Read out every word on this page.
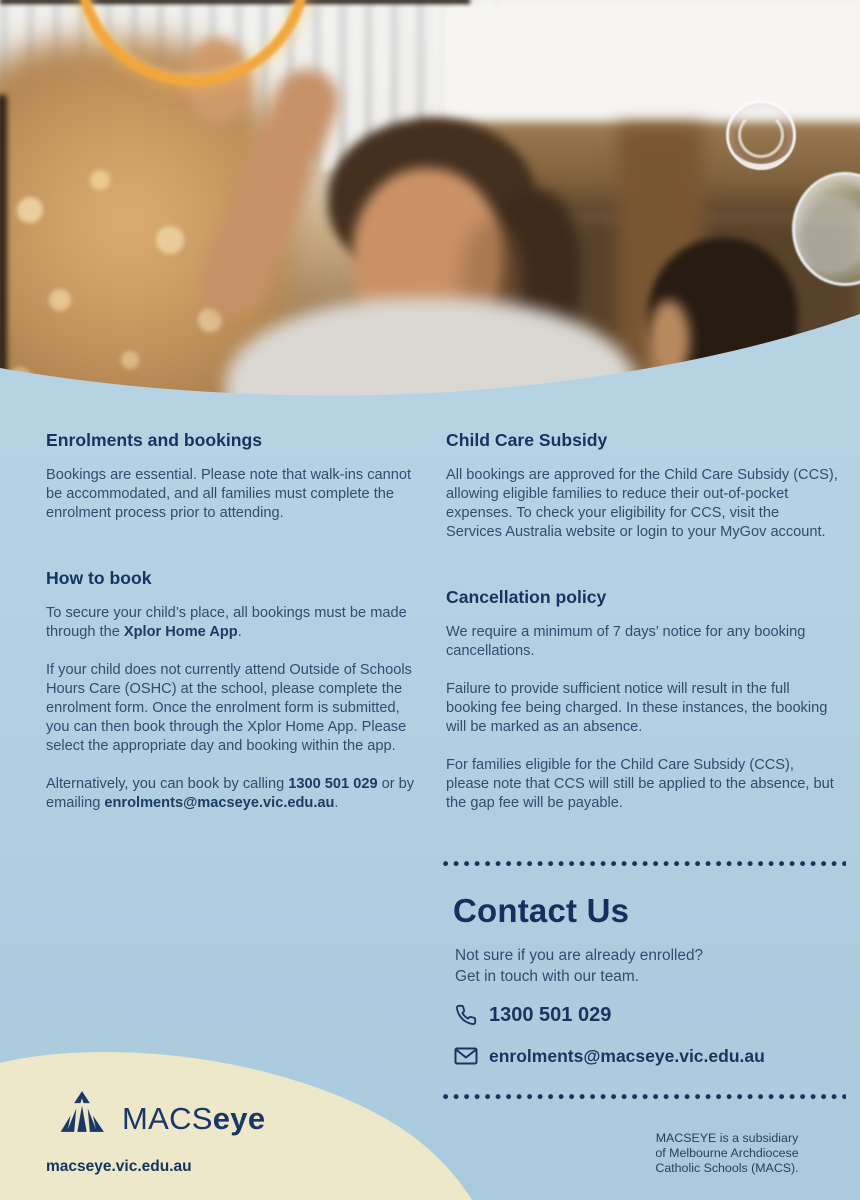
Enrolments and bookings

Bookings are essential. Please note that walk-ins cannot be accommodated, and all families must complete the enrolment process prior to attending.

How to book

To secure your child’s place, all bookings must be made through the Xplor Home App.

If your child does not currently attend Outside of Schools Hours Care (OSHC) at the school, please complete the enrolment form. Once the enrolment form is submitted, you can then book through the Xplor Home App. Please select the appropriate day and booking within the app.

Alternatively, you can book by calling 1300 501 029 or by emailing enrolments@macseye.vic.edu.au.

Child Care Subsidy

All bookings are approved for the Child Care Subsidy (CCS), allowing eligible families to reduce their out-of-pocket expenses. To check your eligibility for CCS, visit the Services Australia website or login to your MyGov account.

Cancellation policy

We require a minimum of 7 days’ notice for any booking cancellations.

Failure to provide sufficient notice will result in the full booking fee being charged. In these instances, the booking will be marked as an absence.

For families eligible for the Child Care Subsidy (CCS), please note that CCS will still be applied to the absence, but the gap fee will be payable.

Contact Us
Not sure if you are already enrolled?
Get in touch with our team.
1300 501 029
enrolments@macseye.vic.edu.au
MACSeye
macseye.vic.edu.au
MACSEYE is a subsidiary
of Melbourne Archdiocese
Catholic Schools (MACS).
